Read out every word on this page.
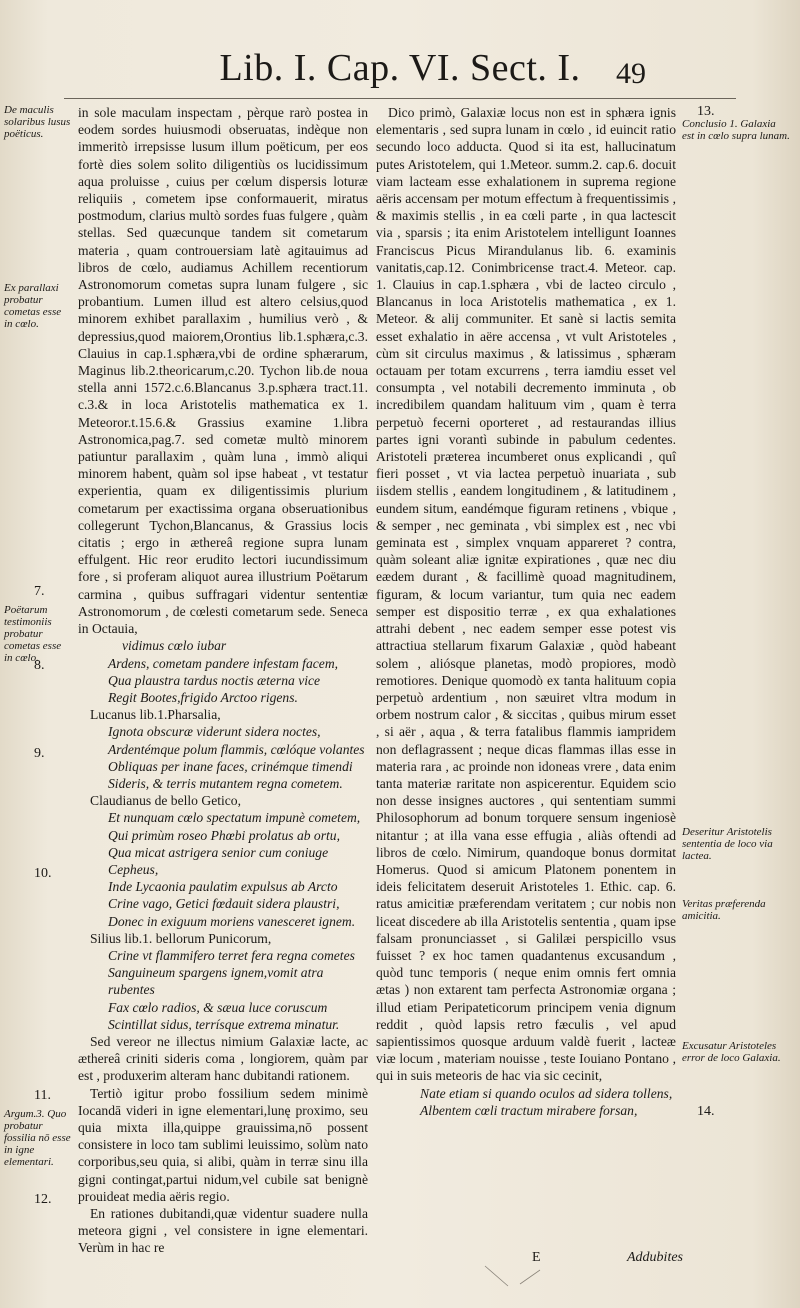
Lib. I. Cap. VI. Sect. I.	49
De maculis solaribus lusus poëticus.
Ex parallaxi probatur cometas esse in cœlo.
7.
Poëtarum testimoniis probatur cometas esse in cœlo.
8.
9.
10.
11.
Argum.3. Quo probatur fossilia nō esse in igne elementari.
12.
13.
Conclusio 1. Galaxia est in cœlo supra lunam.
Deseritur Aristotelis sententia de loco via lactea.
Veritas præferenda amicitia.
Excusatur Aristoteles error de loco Galaxia.
14.

in sole maculam inspectam , pèrque rarò postea in eodem sordes huiusmodi obseruatas, indèque non immeritò irrepsisse lusum illum poëticum, per eos fortè dies solem solito diligentiùs os lucidissimum aqua proluisse , cuius per cœlum dispersis loturæ reliquiis , cometem ipse conformauerit, miratus postmodum, clarius multò sordes fuas fulgere , quàm stellas. Sed quæcunque tandem sit cometarum materia , quam controuersiam latè agitauimus ad libros de cœlo, audiamus Achillem recentiorum Astronomorum cometas supra lunam fulgere , sic probantium. Lumen illud est altero celsius,quod minorem exhibet parallaxim , humilius verò , & depressius,quod maiorem,Orontius lib.1.sphæra,c.3. Clauius in cap.1.sphæra,vbi de ordine sphærarum, Maginus lib.2.theoricarum,c.20. Tychon lib.de noua stella anni 1572.c.6.Blancanus 3.p.sphæra tract.11. c.3.& in loca Aristotelis mathematica ex 1. Meteoror.t.15.6.& Grassius examine 1.libra Astronomica,pag.7. sed cometæ multò minorem patiuntur parallaxim , quàm luna , immò aliqui minorem habent, quàm sol ipse habeat , vt testatur experientia, quam ex diligentissimis plurium cometarum per exactissima organa obseruationibus collegerunt Tychon,Blancanus, & Grassius locis citatis ; ergo in æthereâ regione supra lunam effulgent. Hic reor erudito lectori iucundissimum fore , si proferam aliquot aurea illustrium Poëtarum carmina , quibus suffragari videntur sententiæ Astronomorum , de cœlesti cometarum sede. Seneca in Octauia,

vidimus cœlo iubar
Ardens, cometam pandere infestam facem,
Qua plaustra tardus noctis æterna vice
Regit Bootes,frigido Arctoo rigens.

Lucanus lib.1.Pharsalia,

Ignota obscuræ viderunt sidera noctes,
Ardentémque polum flammis, cœlóque volantes
Obliquas per inane faces, crinémque timendi
Sideris, & terris mutantem regna cometem.

Claudianus de bello Getico,

Et nunquam cœlo spectatum impunè cometem,
Qui primùm roseo Phœbi prolatus ab ortu,
Qua micat astrigera senior cum coniuge Cepheus,
Inde Lycaonia paulatim expulsus ab Arcto
Crine vago, Getici fœdauit sidera plaustri,
Donec in exiguum moriens vanesceret ignem.

Silius lib.1. bellorum Punicorum,

Crine vt flammifero terret fera regna cometes
Sanguineum spargens ignem,vomit atra rubentes
Fax cœlo radios, & sæua luce coruscum
Scintillat sidus, terrísque extrema minatur.

Sed vereor ne illectus nimium Galaxiæ lacte, ac æthereâ criniti sideris coma , longiorem, quàm par est , produxerim alteram hanc dubitandi rationem.

Tertiò igitur probo fossilium sedem minimè Iocandā videri in igne elementari,lunę proximo, seu quia mixta illa,quippe grauissima,nō possent consistere in loco tam sublimi leuissimo, solùm nato corporibus,seu quia, si alibi, quàm in terræ sinu illa gigni contingat,partui nidum,vel cubile sat benignè prouideat media aëris regio.

En rationes dubitandi,quæ videntur suadere nulla meteora gigni , vel consistere in igne elementari. Verùm in hac re

Dico primò, Galaxiæ locus non est in sphæra ignis elementaris , sed supra lunam in cœlo , id euincit ratio secundo loco adducta. Quod si ita est, hallucinatum putes Aristotelem, qui 1.Meteor. summ.2. cap.6. docuit viam lacteam esse exhalationem in suprema regione aëris accensam per motum effectum à frequentissimis , & maximis stellis , in ea cœli parte , in qua lactescit via , sparsis ; ita enim Aristotelem intelligunt Ioannes Franciscus Picus Mirandulanus lib. 6. examinis vanitatis,cap.12. Conimbricense tract.4. Meteor. cap. 1. Clauius in cap.1.sphæra , vbi de lacteo circulo , Blancanus in loca Aristotelis mathematica , ex 1. Meteor. & alij communiter. Et sanè si lactis semita esset exhalatio in aëre accensa , vt vult Aristoteles , cùm sit circulus maximus , & latissimus , sphæram octauam per totam excurrens , terra iamdiu esset vel consumpta , vel notabili decremento imminuta , ob incredibilem quandam halituum vim , quam è terra perpetuò fecerni oporteret , ad restaurandas illius partes igni vorantì subinde in pabulum cedentes. Aristoteli præterea incumberet onus explicandi , quî fieri posset , vt via lactea perpetuò inuariata , sub iisdem stellis , eandem longitudinem , & latitudinem , eundem situm, eandémque figuram retinens , vbique , & semper , nec geminata , vbi simplex est , nec vbi geminata est , simplex vnquam appareret ? contra, quàm soleant aliæ ignitæ expirationes , quæ nec diu eædem durant , & facillimè quoad magnitudinem, figuram, & locum variantur, tum quia nec eadem semper est dispositio terræ , ex qua exhalationes attrahi debent , nec eadem semper esse potest vis attractiua stellarum fixarum Galaxiæ , quòd habeant solem , aliósque planetas, modò propiores, modò remotiores. Denique quomodò ex tanta halituum copia perpetuò ardentium , non sæuiret vltra modum in orbem nostrum calor , & siccitas , quibus mirum esset , si aër , aqua , & terra fatalibus flammis iampridem non deflagrassent ; neque dicas flammas illas esse in materia rara , ac proinde non idoneas vrere , data enim tanta materiæ raritate non aspicerentur. Equidem scio non desse insignes auctores , qui sententiam summi Philosophorum ad bonum torquere sensum ingeniosè nitantur ; at illa vana esse effugia , aliàs oftendi ad libros de cœlo. Nimirum, quandoque bonus dormitat Homerus. Quod si amicum Platonem ponentem in ideis felicitatem deseruit Aristoteles 1. Ethic. cap. 6. ratus amicitiæ præferendam veritatem ; cur nobis non liceat discedere ab illa Aristotelis sententia , quam ipse falsam pronunciasset , si Galilæi perspicillo vsus fuisset ? ex hoc tamen quadantenus excusandum , quòd tunc temporis ( neque enim omnis fert omnia ætas ) non extarent tam perfecta Astronomiæ organa ; illud etiam Peripateticorum principem venia dignum reddit , quòd lapsis retro fæculis , vel apud sapientissimos quosque arduum valdè fuerit , lacteæ viæ locum , materiam nouisse , teste Iouiano Pontano , qui in suis meteoris de hac via sic cecinit,

Nate etiam si quando oculos ad sidera tollens,
Albentem cœli tractum mirabere forsan,
E	Addubites
